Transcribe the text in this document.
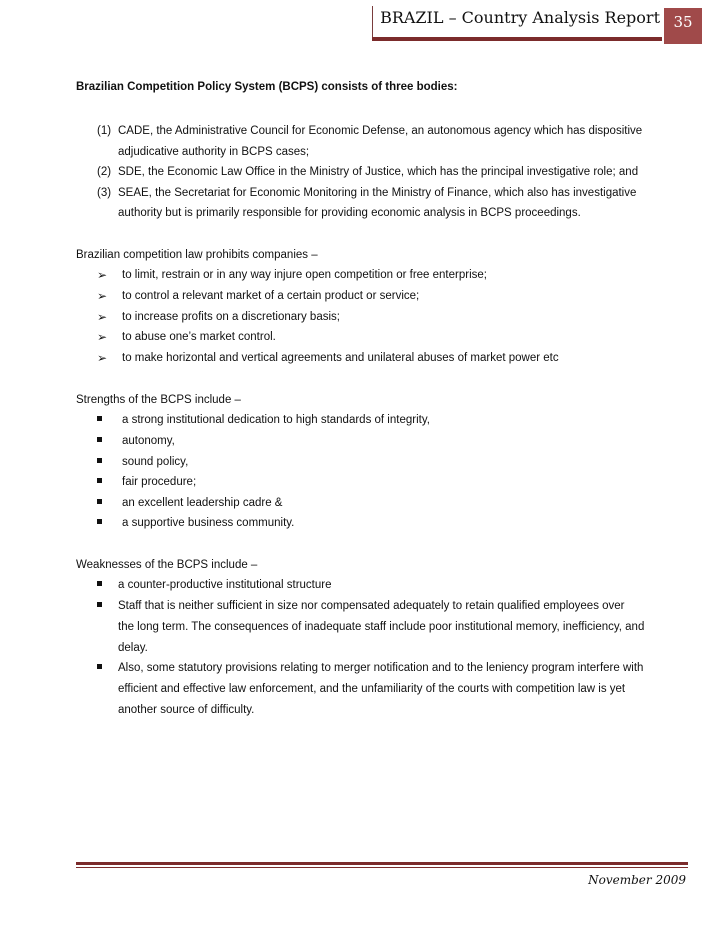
BRAZIL – Country Analysis Report 35
Brazilian Competition Policy System (BCPS) consists of three bodies:
(1) CADE, the Administrative Council for Economic Defense, an autonomous agency which has dispositive
adjudicative authority in BCPS cases;
(2) SDE, the Economic Law Office in the Ministry of Justice, which has the principal investigative role; and
(3) SEAE, the Secretariat for Economic Monitoring in the Ministry of Finance, which also has investigative
authority but is primarily responsible for providing economic analysis in BCPS proceedings.
Brazilian competition law prohibits companies –
➢ to limit, restrain or in any way injure open competition or free enterprise;
➢ to control a relevant market of a certain product or service;
➢ to increase profits on a discretionary basis;
➢ to abuse one’s market control.
➢ to make horizontal and vertical agreements and unilateral abuses of market power etc
Strengths of the BCPS include –
a strong institutional dedication to high standards of integrity,
autonomy,
sound policy,
fair procedure;
an excellent leadership cadre &
a supportive business community.
Weaknesses of the BCPS include –
a counter-productive institutional structure
Staff that is neither sufficient in size nor compensated adequately to retain qualified employees over
the long term. The consequences of inadequate staff include poor institutional memory, inefficiency, and
delay.
Also, some statutory provisions relating to merger notification and to the leniency program interfere with
efficient and effective law enforcement, and the unfamiliarity of the courts with competition law is yet
another source of difficulty.
November 2009
